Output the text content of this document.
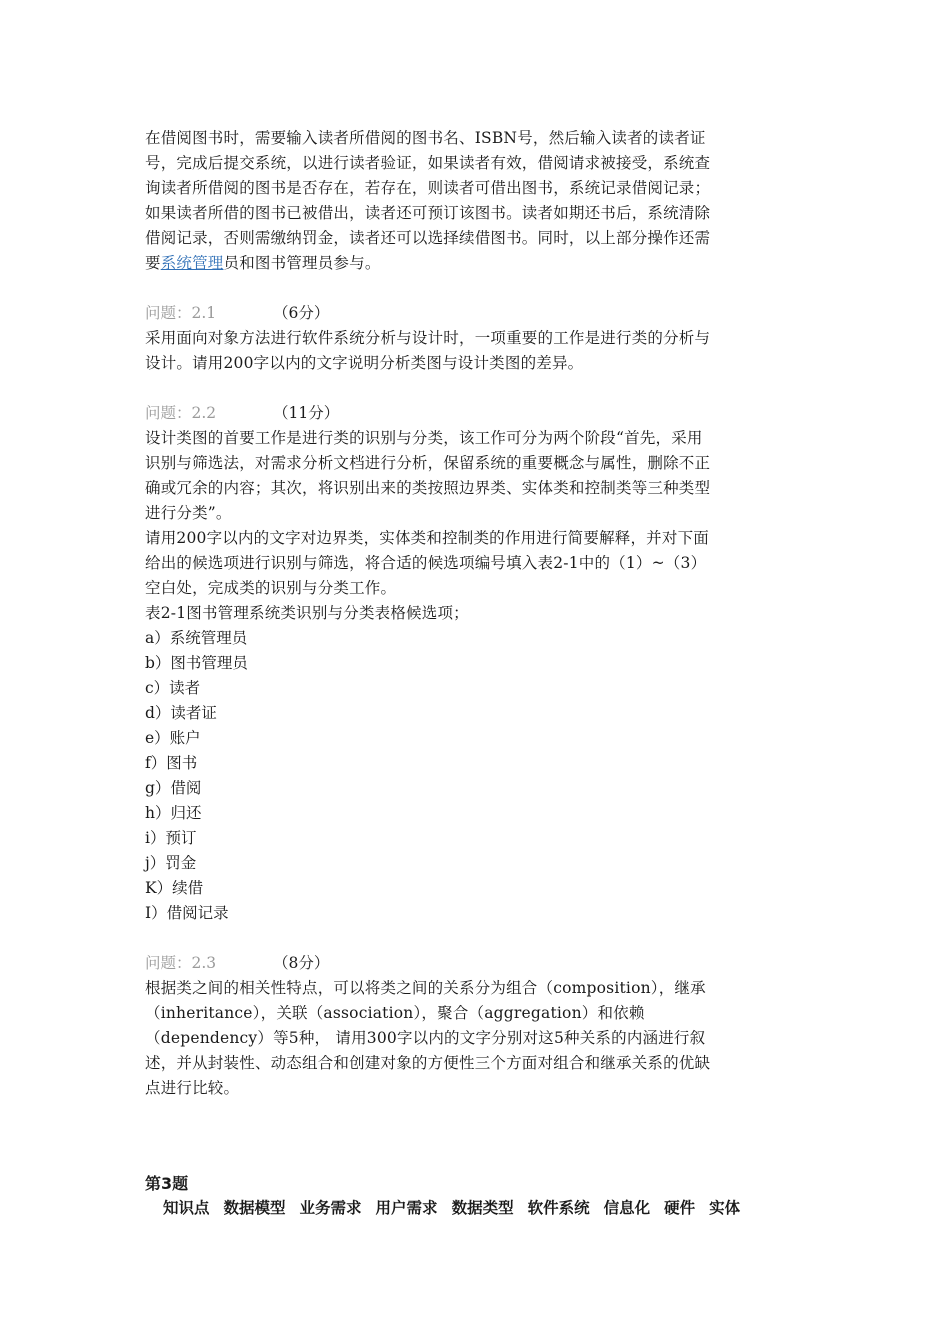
在借阅图书时，需要输入读者所借阅的图书名、ISBN号，然后输入读者的读者证

号，完成后提交系统，以进行读者验证，如果读者有效，借阅请求被接受，系统查

询读者所借阅的图书是否存在，若存在，则读者可借出图书，系统记录借阅记录；

如果读者所借的图书已被借出，读者还可预订该图书。读者如期还书后，系统清除

借阅记录，否则需缴纳罚金，读者还可以选择续借图书。同时，以上部分操作还需

要系统管理员和图书管理员参与。

问题：2.1	（6分）

采用面向对象方法进行软件系统分析与设计时，一项重要的工作是进行类的分析与

设计。请用200字以内的文字说明分析类图与设计类图的差异。

问题：2.2	（11分）

设计类图的首要工作是进行类的识别与分类，该工作可分为两个阶段“首先，采用

识别与筛选法，对需求分析文档进行分析，保留系统的重要概念与属性，删除不正

确或冗余的内容；其次，将识别出来的类按照边界类、实体类和控制类等三种类型

进行分类”。

请用200字以内的文字对边界类，实体类和控制类的作用进行简要解释，并对下面

给出的候选项进行识别与筛选，将合适的候选项编号填入表2-1中的（1）~（3）

空白处，完成类的识别与分类工作。

表2-1图书管理系统类识别与分类表格候选项；

a）系统管理员

b）图书管理员

c）读者

d）读者证

e）账户

f）图书

g）借阅

h）归还

i）预订

j）罚金

K）续借

I）借阅记录

问题：2.3	（8分）

根据类之间的相关性特点，可以将类之间的关系分为组合（composition），继承

（inheritance），关联（association），聚合（aggregation）和依赖

（dependency）等5种， 请用300字以内的文字分别对这5种关系的内涵进行叙

述，并从封装性、动态组合和创建对象的方便性三个方面对组合和继承关系的优缺

点进行比较。

第3题

知识点 数据模型 业务需求 用户需求 数据类型 软件系统 信息化 硬件 实体
